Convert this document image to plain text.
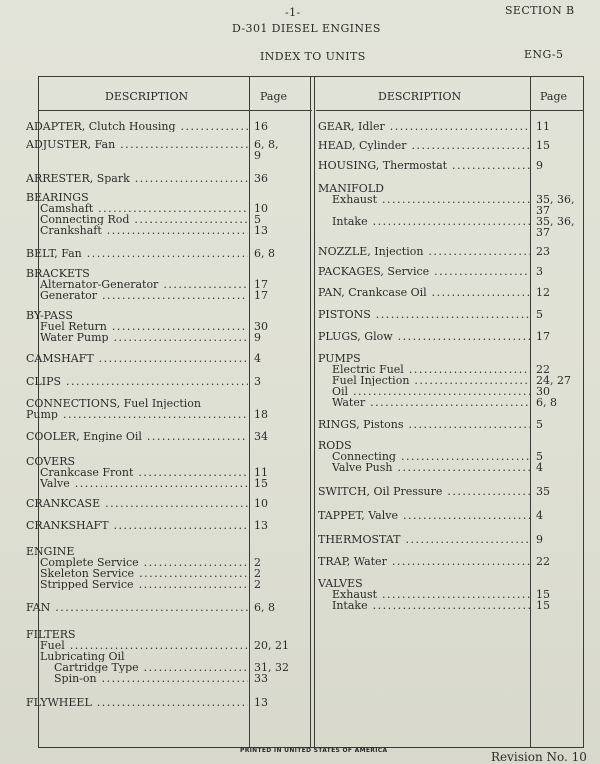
-1-	SECTION B
D-301 DIESEL ENGINES
INDEX TO UNITS	ENG-5
DESCRIPTION	Page	DESCRIPTION	Page
ADAPTER, Clutch Housing .....	16
ADJUSTER, Fan .....	6, 8,
9
ARRESTER, Spark .....	36
BEARINGS
Camshaft .....	10
Connecting Rod .....	5
Crankshaft .....	13
BELT, Fan .....	6, 8
BRACKETS
Alternator-Generator .....	17
Generator .....	17
BY-PASS
Fuel Return .....	30
Water Pump .....	9
CAMSHAFT .....	4
CLIPS .....	3
CONNECTIONS, Fuel Injection
Pump .....	18
COOLER, Engine Oil .....	34
COVERS
Crankcase Front .....	11
Valve .....	15
CRANKCASE .....	10
CRANKSHAFT .....	13
ENGINE
Complete Service .....	2
Skeleton Service .....	2
Stripped Service .....	2
FAN .....	6, 8
FILTERS
Fuel .....	20, 21
Lubricating Oil
Cartridge Type .....	31, 32
Spin-on .....	33
FLYWHEEL .....	13
GEAR, Idler .....	11
HEAD, Cylinder .....	15
HOUSING, Thermostat .....	9
MANIFOLD
Exhaust .....	35, 36,
37
Intake .....	35, 36,
37
NOZZLE, Injection .....	23
PACKAGES, Service .....	3
PAN, Crankcase Oil .....	12
PISTONS .....	5
PLUGS, Glow .....	17
PUMPS
Electric Fuel .....	22
Fuel Injection .....	24, 27
Oil .....	30
Water .....	6, 8
RINGS, Pistons .....	5
RODS
Connecting .....	5
Valve Push .....	4
SWITCH, Oil Pressure .....	35
TAPPET, Valve .....	4
THERMOSTAT .....	9
TRAP, Water .....	22
VALVES
Exhaust .....	15
Intake .....	15
PRINTED IN UNITED STATES OF AMERICA	Revision No. 10
